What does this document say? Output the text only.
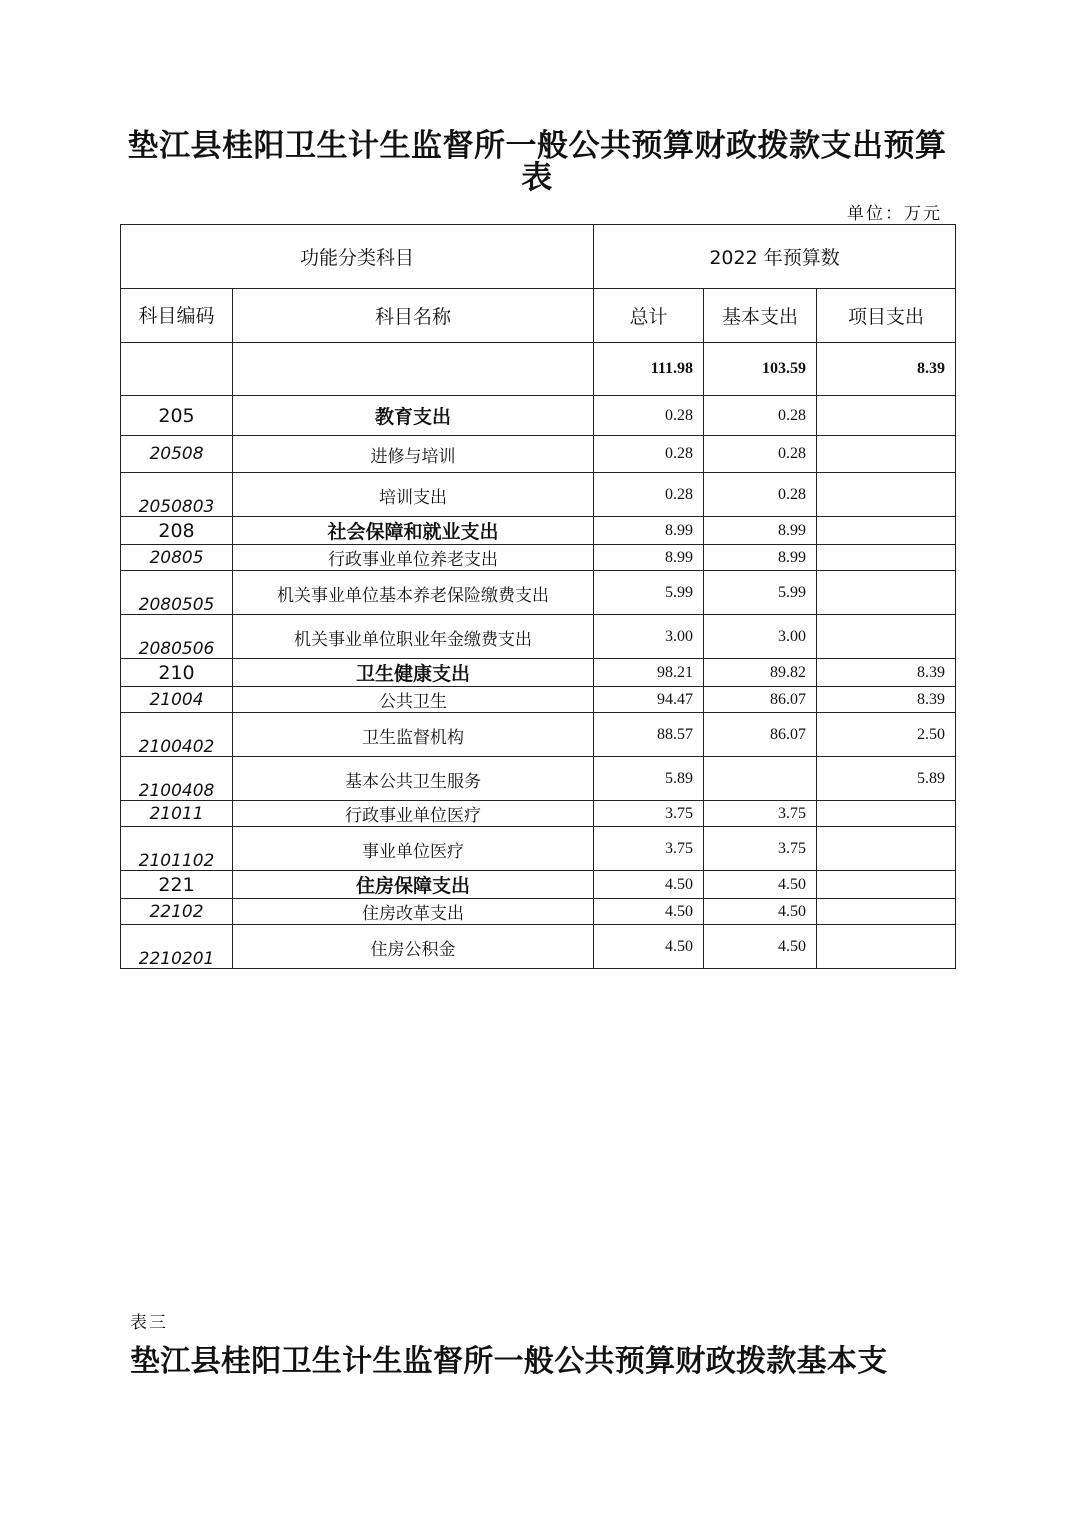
垫江县桂阳卫生计生监督所一般公共预算财政拨款支出预算表
单位：万元
功能分类科目		2022 年预算数		
科目编码	科目名称	总计	基本支出	项目支出
		111.98	103.59	8.39
205	教育支出	0.28	0.28	
20508	进修与培训	0.28	0.28	
2050803	培训支出	0.28	0.28	
208	社会保障和就业支出	8.99	8.99	
20805	行政事业单位养老支出	8.99	8.99	
2080505	机关事业单位基本养老保险缴费支出	5.99	5.99	
2080506	机关事业单位职业年金缴费支出	3.00	3.00	
210	卫生健康支出	98.21	89.82	8.39
21004	公共卫生	94.47	86.07	8.39
2100402	卫生监督机构	88.57	86.07	2.50
2100408	基本公共卫生服务	5.89		5.89
21011	行政事业单位医疗	3.75	3.75	
2101102	事业单位医疗	3.75	3.75	
221	住房保障支出	4.50	4.50	
22102	住房改革支出	4.50	4.50	
2210201	住房公积金	4.50	4.50	
表三
垫江县桂阳卫生计生监督所一般公共预算财政拨款基本支
